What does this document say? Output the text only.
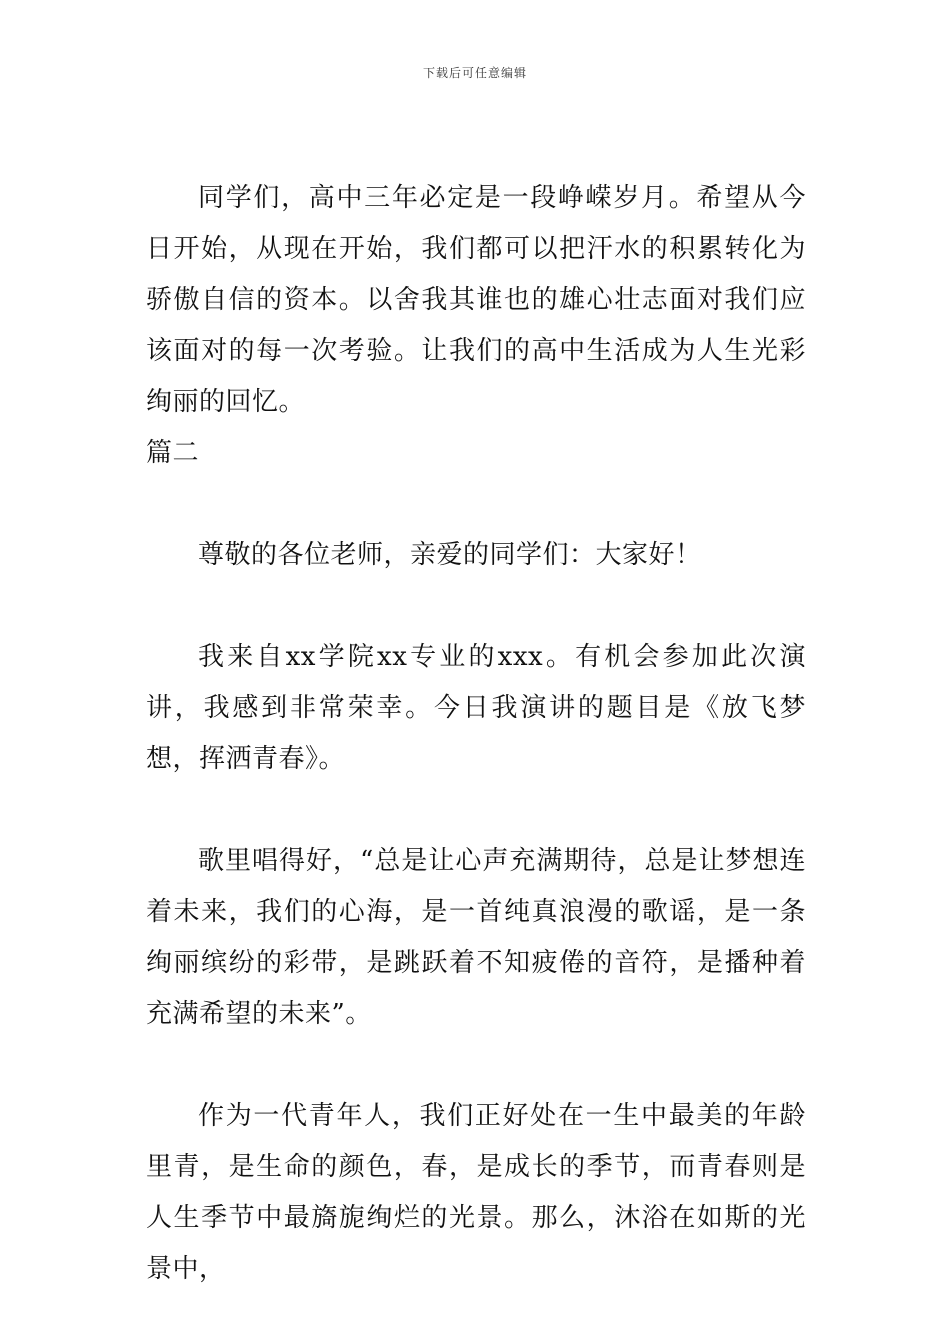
下载后可任意编辑

同学们，高中三年必定是一段峥嵘岁月。希望从今日开始，从现在开始，我们都可以把汗水的积累转化为骄傲自信的资本。以舍我其谁也的雄心壮志面对我们应该面对的每一次考验。让我们的高中生活成为人生光彩绚丽的回忆。

篇二

尊敬的各位老师，亲爱的同学们：大家好！

我来自xx学院xx专业的xxx。有机会参加此次演讲，我感到非常荣幸。今日我演讲的题目是《放飞梦想，挥洒青春》。

歌里唱得好，“总是让心声充满期待，总是让梦想连着未来，我们的心海，是一首纯真浪漫的歌谣，是一条绚丽缤纷的彩带，是跳跃着不知疲倦的音符，是播种着充满希望的未来”。

作为一代青年人，我们正好处在一生中最美的年龄里青，是生命的颜色，春，是成长的季节，而青春则是人生季节中最旖旎绚烂的光景。那么，沐浴在如斯的光景中，
